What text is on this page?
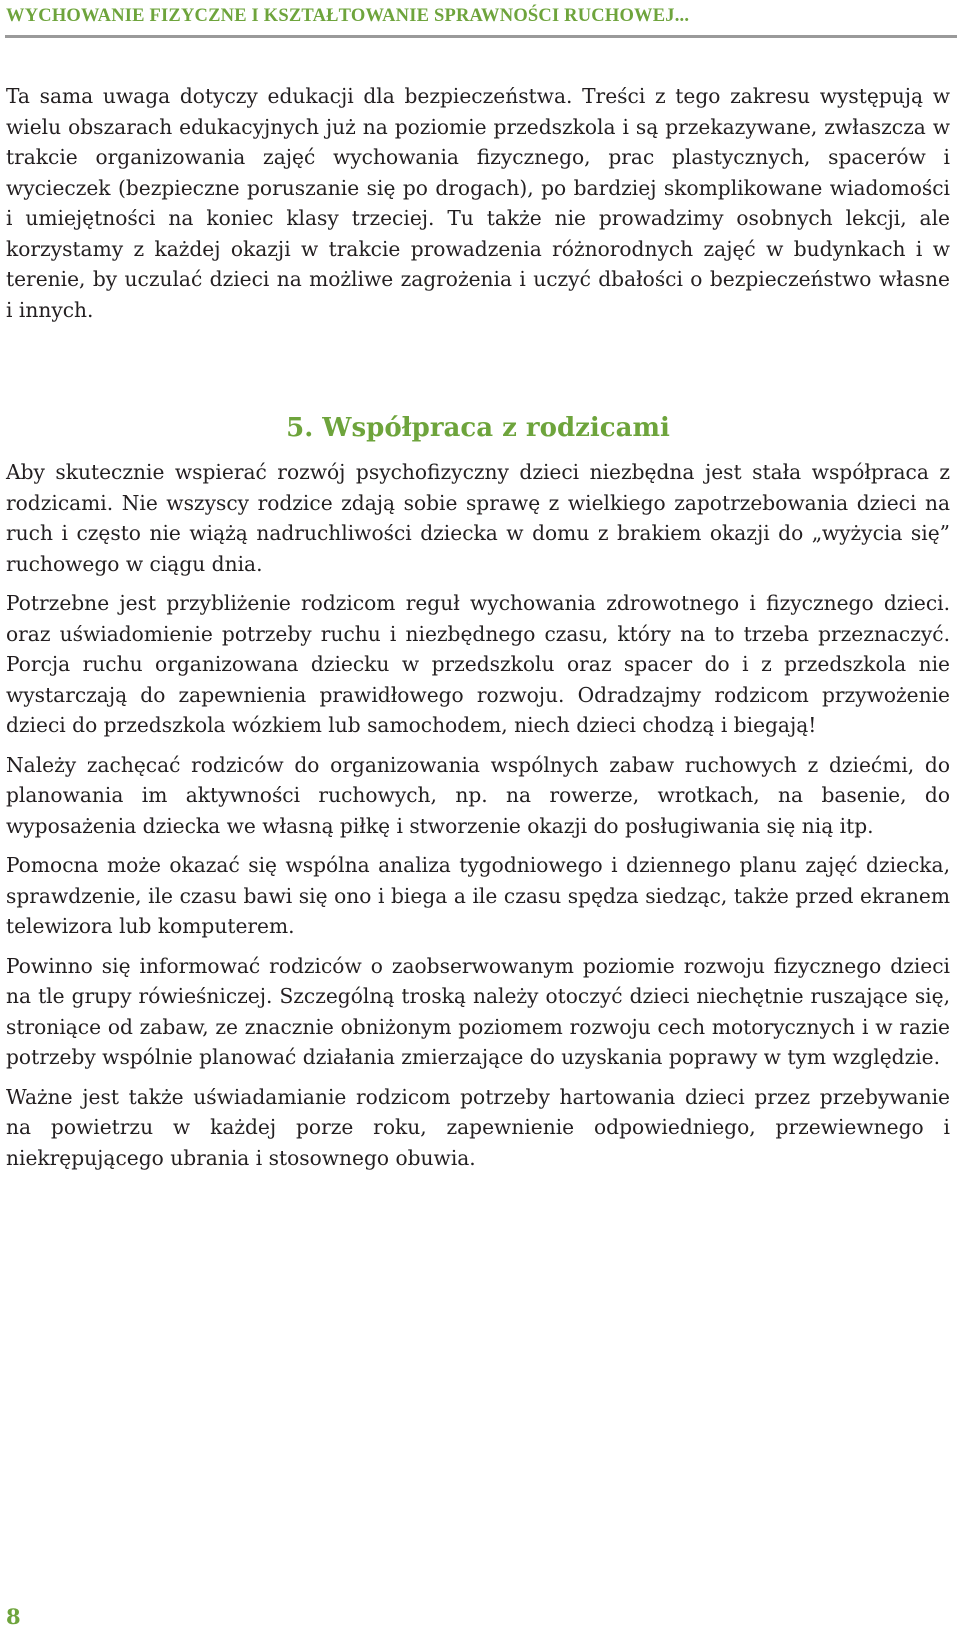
WYCHOWANIE FIZYCZNE I KSZTAŁTOWANIE SPRAWNOŚCI RUCHOWEJ...

Ta sama uwaga dotyczy edukacji dla bezpieczeństwa. Treści z tego zakresu występują w wielu obszarach edukacyjnych już na poziomie przedszkola i są przekazywane, zwłaszcza w trakcie organizowania zajęć wychowania fizycznego, prac plastycznych, spacerów i wycieczek (bezpieczne poruszanie się po drogach), po bardziej skomplikowane wiadomości i umiejętności na koniec klasy trzeciej. Tu także nie prowadzimy osobnych lekcji, ale korzystamy z każdej okazji w trakcie prowadzenia różnorodnych zajęć w budynkach i w terenie, by uczulać dzieci na możliwe zagrożenia i uczyć dbałości o bezpieczeństwo własne i innych.

5. Współpraca z rodzicami

Aby skutecznie wspierać rozwój psychofizyczny dzieci niezbędna jest stała współpraca z rodzicami. Nie wszyscy rodzice zdają sobie sprawę z wielkiego zapotrzebowania dzieci na ruch i często nie wiążą nadruchliwości dziecka w domu z brakiem okazji do „wyżycia się” ruchowego w ciągu dnia.

Potrzebne jest przybliżenie rodzicom reguł wychowania zdrowotnego i fizycznego dzieci. oraz uświadomienie potrzeby ruchu i niezbędnego czasu, który na to trzeba przeznaczyć. Porcja ruchu organizowana dziecku w przedszkolu oraz spacer do i z przedszkola nie wystarczają do zapewnienia prawidłowego rozwoju. Odradzajmy rodzicom przywożenie dzieci do przedszkola wózkiem lub samochodem, niech dzieci chodzą i biegają!

Należy zachęcać rodziców do organizowania wspólnych zabaw ruchowych z dziećmi, do planowania im aktywności ruchowych, np. na rowerze, wrotkach, na basenie, do wyposażenia dziecka we własną piłkę i stworzenie okazji do posługiwania się nią itp.

Pomocna może okazać się wspólna analiza tygodniowego i dziennego planu zajęć dziecka, sprawdzenie, ile czasu bawi się ono i biega a ile czasu spędza siedząc, także przed ekranem telewizora lub komputerem.

Powinno się informować rodziców o zaobserwowanym poziomie rozwoju fizycznego dzieci na tle grupy rówieśniczej. Szczególną troską należy otoczyć dzieci niechętnie ruszające się, stroniące od zabaw, ze znacznie obniżonym poziomem rozwoju cech motorycznych i w razie potrzeby wspólnie planować działania zmierzające do uzyskania poprawy w tym względzie.

Ważne jest także uświadamianie rodzicom potrzeby hartowania dzieci przez przebywanie na powietrzu w każdej porze roku, zapewnienie odpowiedniego, przewiewnego i niekrępującego ubrania i stosownego obuwia.

8
